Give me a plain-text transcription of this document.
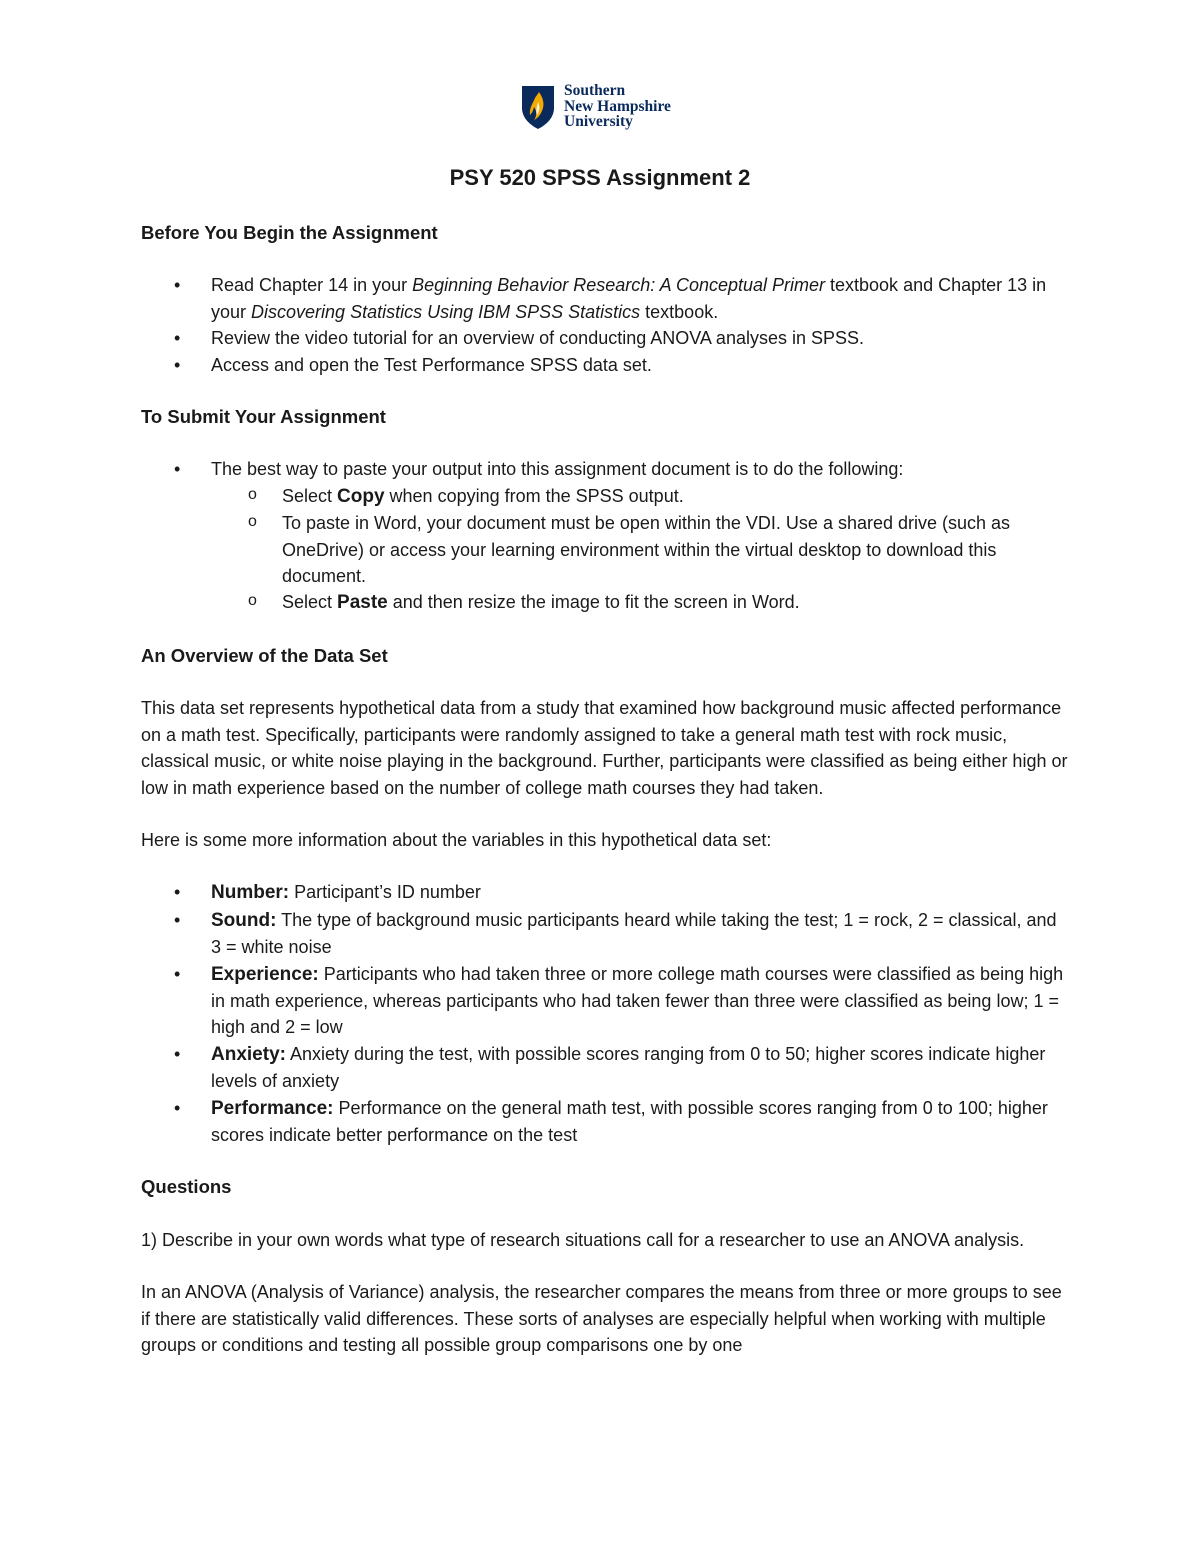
Southern
New Hampshire
University
PSY 520 SPSS Assignment 2
Before You Begin the Assignment
• Read Chapter 14 in your Beginning Behavior Research: A Conceptual Primer textbook and Chapter 13 in your Discovering Statistics Using IBM SPSS Statistics textbook.
• Review the video tutorial for an overview of conducting ANOVA analyses in SPSS.
• Access and open the Test Performance SPSS data set.
To Submit Your Assignment
• The best way to paste your output into this assignment document is to do the following:
o Select Copy when copying from the SPSS output.
o To paste in Word, your document must be open within the VDI. Use a shared drive (such as OneDrive) or access your learning environment within the virtual desktop to download this document.
o Select Paste and then resize the image to fit the screen in Word.
An Overview of the Data Set

This data set represents hypothetical data from a study that examined how background music affected performance on a math test. Specifically, participants were randomly assigned to take a general math test with rock music, classical music, or white noise playing in the background. Further, participants were classified as being either high or low in math experience based on the number of college math courses they had taken.

Here is some more information about the variables in this hypothetical data set:

• Number: Participant’s ID number
• Sound: The type of background music participants heard while taking the test; 1 = rock, 2 = classical, and 3 = white noise
• Experience: Participants who had taken three or more college math courses were classified as being high in math experience, whereas participants who had taken fewer than three were classified as being low; 1 = high and 2 = low
• Anxiety: Anxiety during the test, with possible scores ranging from 0 to 50; higher scores indicate higher levels of anxiety
• Performance: Performance on the general math test, with possible scores ranging from 0 to 100; higher scores indicate better performance on the test
Questions

1) Describe in your own words what type of research situations call for a researcher to use an ANOVA analysis.

In an ANOVA (Analysis of Variance) analysis, the researcher compares the means from three or more groups to see if there are statistically valid differences. These sorts of analyses are especially helpful when working with multiple groups or conditions and testing all possible group comparisons one by one
